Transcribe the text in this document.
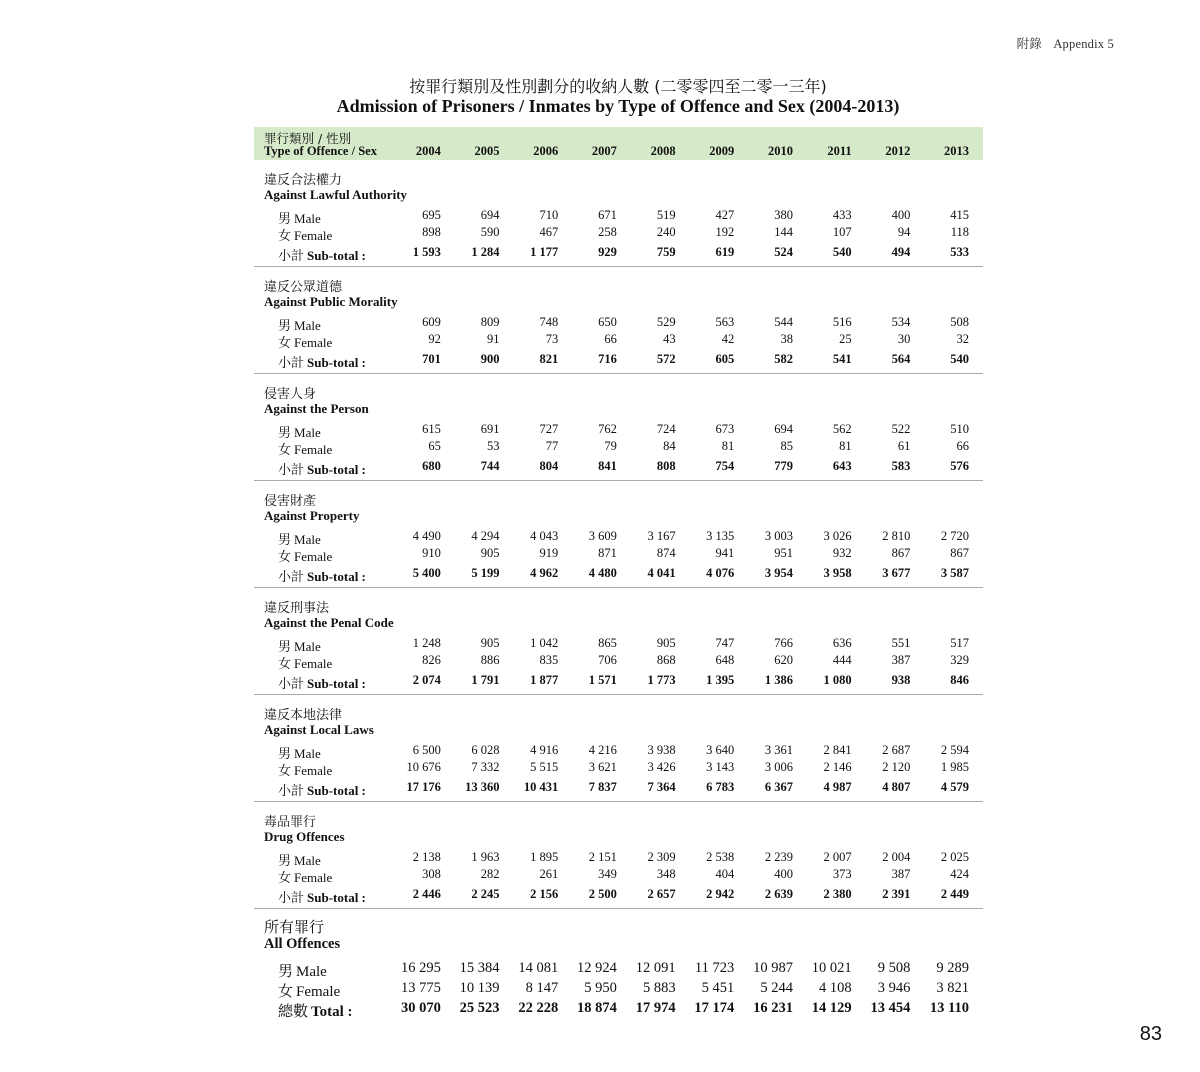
附錄 Appendix 5
按罪行類別及性別劃分的收納人數 (二零零四至二零一三年)
Admission of Prisoners / Inmates by Type of Offence and Sex (2004-2013)
罪行類別 / 性別
Type of Offence / Sex	2004	2005	2006	2007	2008	2009	2010	2011	2012	2013
違反合法權力
Against Lawful Authority
男 Male	695	694	710	671	519	427	380	433	400	415
女 Female	898	590	467	258	240	192	144	107	94	118
小計 Sub-total :	1 593	1 284	1 177	929	759	619	524	540	494	533
違反公眾道德
Against Public Morality
男 Male	609	809	748	650	529	563	544	516	534	508
女 Female	92	91	73	66	43	42	38	25	30	32
小計 Sub-total :	701	900	821	716	572	605	582	541	564	540
侵害人身
Against the Person
男 Male	615	691	727	762	724	673	694	562	522	510
女 Female	65	53	77	79	84	81	85	81	61	66
小計 Sub-total :	680	744	804	841	808	754	779	643	583	576
侵害財產
Against Property
男 Male	4 490	4 294	4 043	3 609	3 167	3 135	3 003	3 026	2 810	2 720
女 Female	910	905	919	871	874	941	951	932	867	867
小計 Sub-total :	5 400	5 199	4 962	4 480	4 041	4 076	3 954	3 958	3 677	3 587
違反刑事法
Against the Penal Code
男 Male	1 248	905	1 042	865	905	747	766	636	551	517
女 Female	826	886	835	706	868	648	620	444	387	329
小計 Sub-total :	2 074	1 791	1 877	1 571	1 773	1 395	1 386	1 080	938	846
違反本地法律
Against Local Laws
男 Male	6 500	6 028	4 916	4 216	3 938	3 640	3 361	2 841	2 687	2 594
女 Female	10 676	7 332	5 515	3 621	3 426	3 143	3 006	2 146	2 120	1 985
小計 Sub-total :	17 176	13 360	10 431	7 837	7 364	6 783	6 367	4 987	4 807	4 579
毒品罪行
Drug Offences
男 Male	2 138	1 963	1 895	2 151	2 309	2 538	2 239	2 007	2 004	2 025
女 Female	308	282	261	349	348	404	400	373	387	424
小計 Sub-total :	2 446	2 245	2 156	2 500	2 657	2 942	2 639	2 380	2 391	2 449
所有罪行
All Offences
男 Male	16 295	15 384	14 081	12 924	12 091	11 723	10 987	10 021	9 508	9 289
女 Female	13 775	10 139	8 147	5 950	5 883	5 451	5 244	4 108	3 946	3 821
總數 Total :	30 070	25 523	22 228	18 874	17 974	17 174	16 231	14 129	13 454	13 110
83
